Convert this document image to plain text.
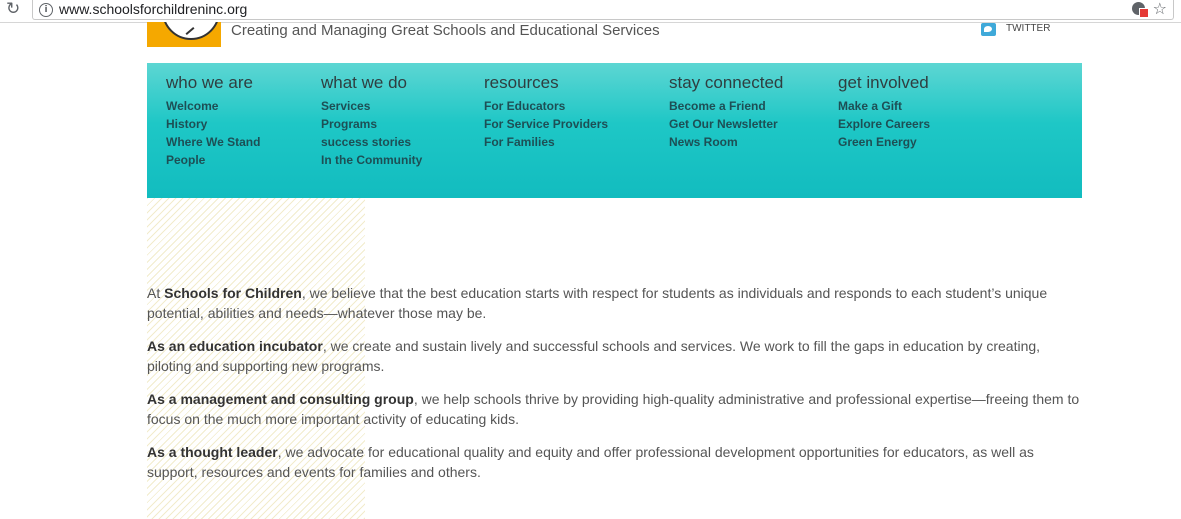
↻	i www.schoolsforchildreninc.org	☆
Creating and Managing Great Schools and Educational Services	TWITTER
who we are
Welcome
History
Where We Stand
People
what we do
Services
Programs
success stories
In the Community
resources
For Educators
For Service Providers
For Families
stay connected
Become a Friend
Get Our Newsletter
News Room
get involved
Make a Gift
Explore Careers
Green Energy

At Schools for Children, we believe that the best education starts with respect for students as individuals and responds to each student’s unique potential, abilities and needs—whatever those may be.

As an education incubator, we create and sustain lively and successful schools and services. We work to fill the gaps in education by creating, piloting and supporting new programs.

As a management and consulting group, we help schools thrive by providing high-quality administrative and professional expertise—freeing them to focus on the much more important activity of educating kids.

As a thought leader, we advocate for educational quality and equity and offer professional development opportunities for educators, as well as support, resources and events for families and others.
